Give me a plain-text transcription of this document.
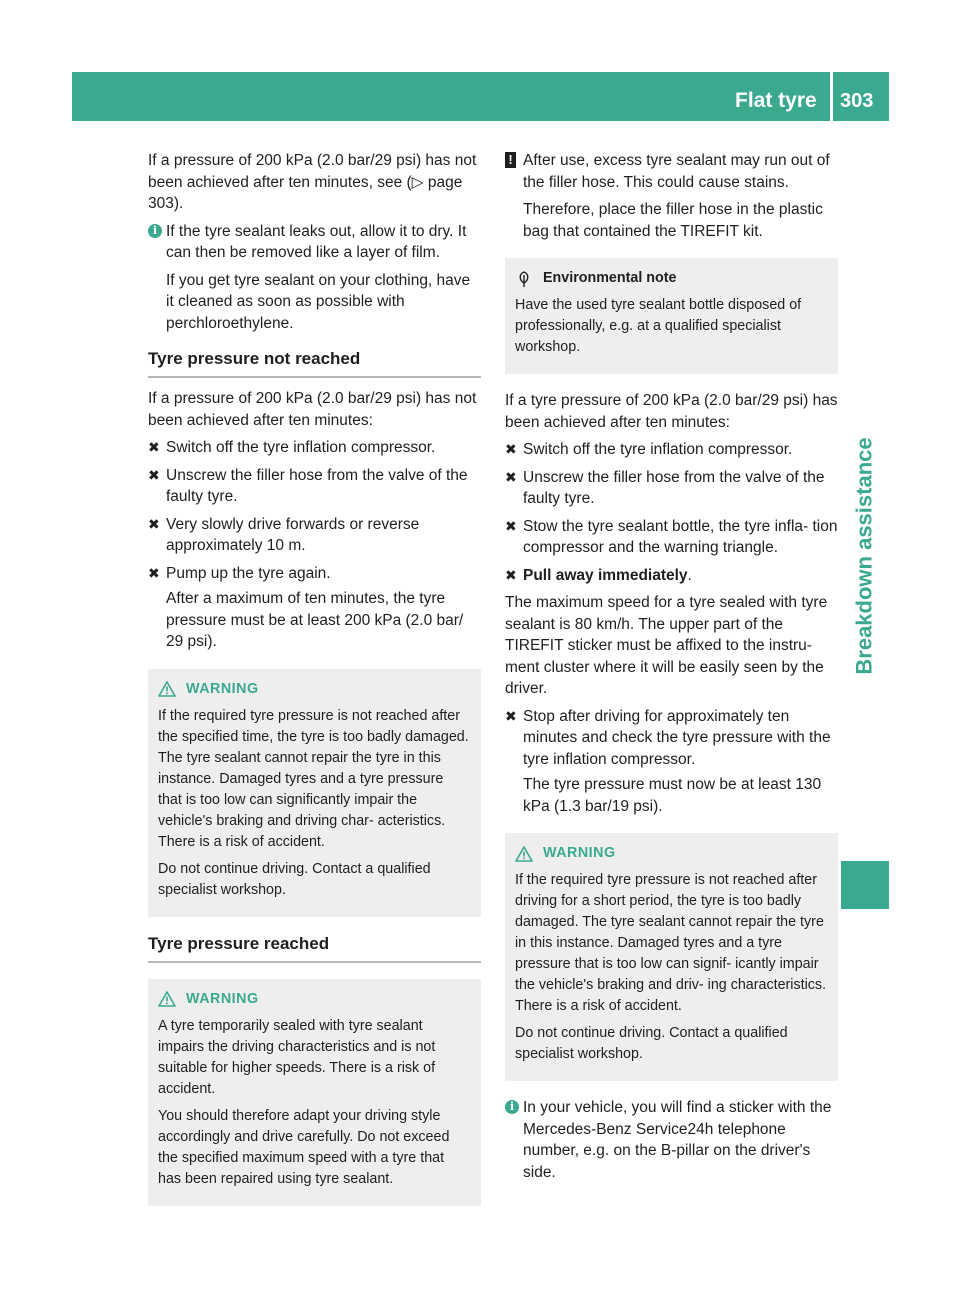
Flat tyre 303
Breakdown assistance

If a pressure of 200 kPa (2.0 bar/29 psi) has not been achieved after ten minutes, see (▷ page 303).

i If the tyre sealant leaks out, allow it to dry. It can then be removed like a layer of film.

If you get tyre sealant on your clothing, have it cleaned as soon as possible with perchloroethylene.

Tyre pressure not reached

If a pressure of 200 kPa (2.0 bar/29 psi) has not been achieved after ten minutes:

✖ Switch off the tyre inflation compressor.
✖ Unscrew the filler hose from the valve of the faulty tyre.
✖ Very slowly drive forwards or reverse approximately 10 m.
✖ Pump up the tyre again.
After a maximum of ten minutes, the tyre pressure must be at least 200 kPa (2.0 bar/ 29 psi).
WARNING

If the required tyre pressure is not reached after the specified time, the tyre is too badly damaged. The tyre sealant cannot repair the tyre in this instance. Damaged tyres and a tyre pressure that is too low can significantly impair the vehicle's braking and driving char- acteristics. There is a risk of accident.

Do not continue driving. Contact a qualified specialist workshop.

Tyre pressure reached
WARNING

A tyre temporarily sealed with tyre sealant impairs the driving characteristics and is not suitable for higher speeds. There is a risk of accident.

You should therefore adapt your driving style accordingly and drive carefully. Do not exceed the specified maximum speed with a tyre that has been repaired using tyre sealant.

! After use, excess tyre sealant may run out of the filler hose. This could cause stains.

Therefore, place the filler hose in the plastic bag that contained the TIREFIT kit.

Environmental note

Have the used tyre sealant bottle disposed of professionally, e.g. at a qualified specialist workshop.

If a tyre pressure of 200 kPa (2.0 bar/29 psi) has been achieved after ten minutes:

✖ Switch off the tyre inflation compressor.
✖ Unscrew the filler hose from the valve of the faulty tyre.
✖ Stow the tyre sealant bottle, the tyre infla- tion compressor and the warning triangle.
✖ Pull away immediately.

The maximum speed for a tyre sealed with tyre sealant is 80 km/h. The upper part of the TIREFIT sticker must be affixed to the instru- ment cluster where it will be easily seen by the driver.

✖ Stop after driving for approximately ten minutes and check the tyre pressure with the tyre inflation compressor.
The tyre pressure must now be at least 130 kPa (1.3 bar/19 psi).
WARNING

If the required tyre pressure is not reached after driving for a short period, the tyre is too badly damaged. The tyre sealant cannot repair the tyre in this instance. Damaged tyres and a tyre pressure that is too low can signif- icantly impair the vehicle's braking and driv- ing characteristics. There is a risk of accident.

Do not continue driving. Contact a qualified specialist workshop.

i In your vehicle, you will find a sticker with the Mercedes-Benz Service24h telephone number, e.g. on the B-pillar on the driver's side.
